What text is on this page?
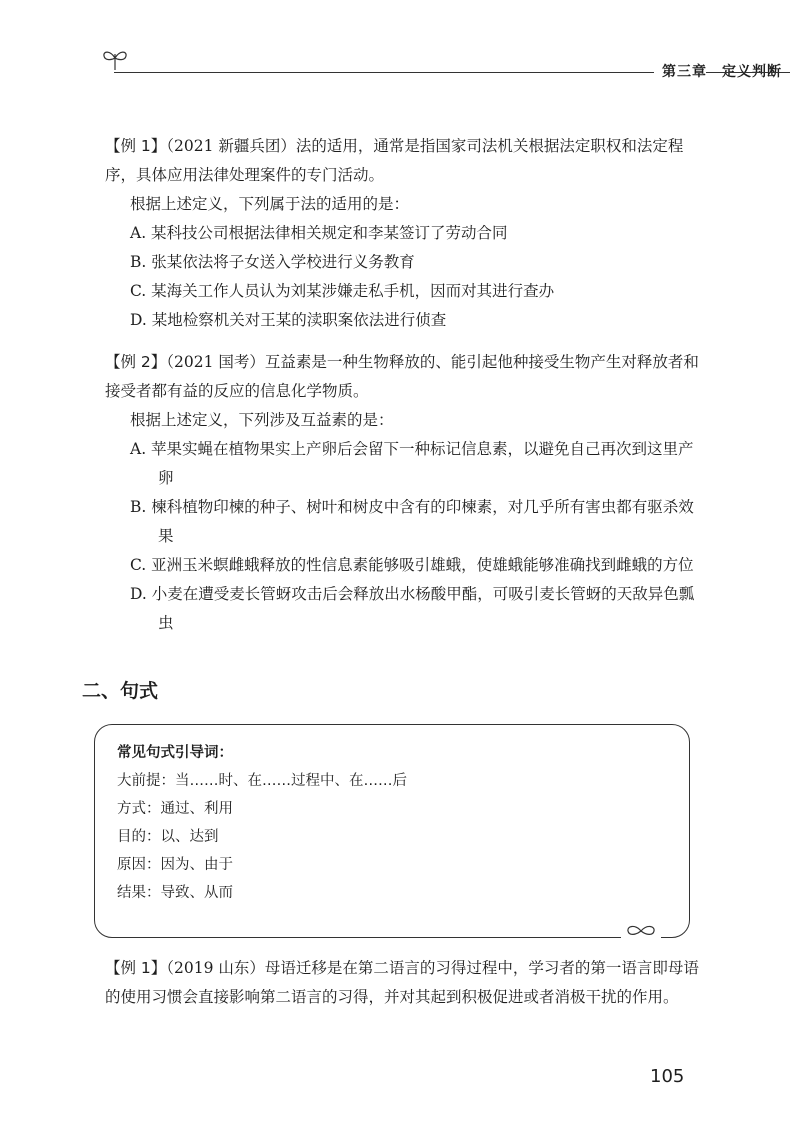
第三章　定义判断

【例 1】（2021 新疆兵团）法的适用，通常是指国家司法机关根据法定职权和法定程序，具体应用法律处理案件的专门活动。

根据上述定义，下列属于法的适用的是：

A. 某科技公司根据法律相关规定和李某签订了劳动合同

B. 张某依法将子女送入学校进行义务教育

C. 某海关工作人员认为刘某涉嫌走私手机，因而对其进行查办

D. 某地检察机关对王某的渎职案依法进行侦查

【例 2】（2021 国考）互益素是一种生物释放的、能引起他种接受生物产生对释放者和接受者都有益的反应的信息化学物质。

根据上述定义，下列涉及互益素的是：

A. 苹果实蝇在植物果实上产卵后会留下一种标记信息素，以避免自己再次到这里产卵

B. 楝科植物印楝的种子、树叶和树皮中含有的印楝素，对几乎所有害虫都有驱杀效果

C. 亚洲玉米螟雌蛾释放的性信息素能够吸引雄蛾，使雄蛾能够准确找到雌蛾的方位

D. 小麦在遭受麦长管蚜攻击后会释放出水杨酸甲酯，可吸引麦长管蚜的天敌异色瓢虫

二、句式
常见句式引导词：
大前提：当……时、在……过程中、在……后
方式：通过、利用
目的：以、达到
原因：因为、由于
结果：导致、从而

【例 1】（2019 山东）母语迁移是在第二语言的习得过程中，学习者的第一语言即母语的使用习惯会直接影响第二语言的习得，并对其起到积极促进或者消极干扰的作用。

105
